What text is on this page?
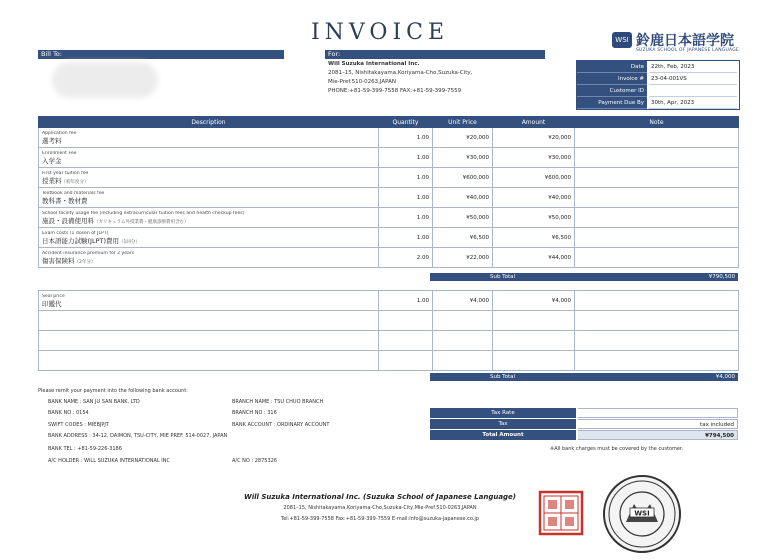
INVOICE	WSI 鈴鹿日本語学院
SUZUKA SCHOOL OF JAPANESE LANGUAGE
Bill To:	For:
Will Suzuka International Inc.
2081–15, Nishitakayama,Koriyama-Cho,Suzuka-City,
Mie-Pref.510-0263,JAPAN
PHONE:+81-59-399-7558 FAX:+81-59-399-7559
Date	22th, Feb, 2023
Invoice #	23-04-001VS
Customer ID
Payment Due By	30th, Apr, 2023
Description	Quantity	Unit Price	Amount	Note

Application fee
選考料	1.00	¥20,000	¥20,000	

Enrollment Fee
入学金	1.00	¥30,000	¥30,000	

First year tuition fee
授業料（初年度分）	1.00	¥600,000	¥600,000	

Textbook and materials fee
教科書・教材費	1.00	¥40,000	¥40,000	

School facility usage fee (including extracurricular tuition fees and health checkup fees)
施設・設備使用料（カリキュラム外授業費・健康診断費用含む）	1.00	¥50,000	¥50,000	

Exam costs (1 dosen of JLPT)
日本語能力試験(JLPT)費用（1回分）	1.00	¥6,500	¥6,500	

Accident insurance premium for 2 years
傷害保険料（2年分）	2.00	¥22,000	¥44,000	
Sub Total	¥790,500
Seal price
印鑑代	1.00	¥4,000	¥4,000	

Sub Total	¥4,000
Please remit your payment into the following bank account:
BANK NAME : SAN JU SAN BANK, LTD	BRANCH NAME : TSU CHUO BRANCH
BANK NO : 0154	BRANCH NO : 316
SWIFT CODES : MIEBJPJT	BANK ACCOUNT : ORDINARY ACCOUNT
BANK ADDRESS : 34-12, DAIMON, TSU-CITY, MIE PREF. 514-0027, JAPAN
BANK TEL : +81-59-226-3186
A/C HOLDER : WILL SUZUKA INTERNATIONAL INC	A/C NO : 2875326
Tax Rate
Tax	tax included
Total Amount	¥794,500
※All bank charges must be covered by the customer.
Will Suzuka International Inc. (Suzuka School of Japanese Language)
2081–15, Nishitakayama,Koriyama-Cho,Suzuka-City,Mie-Pref.510-0263,JAPAN
Tel:+81-59-399-7558 Fax:+81-59-399-7559 E-mail:info@suzuka-japanese.co.jp
WSI
